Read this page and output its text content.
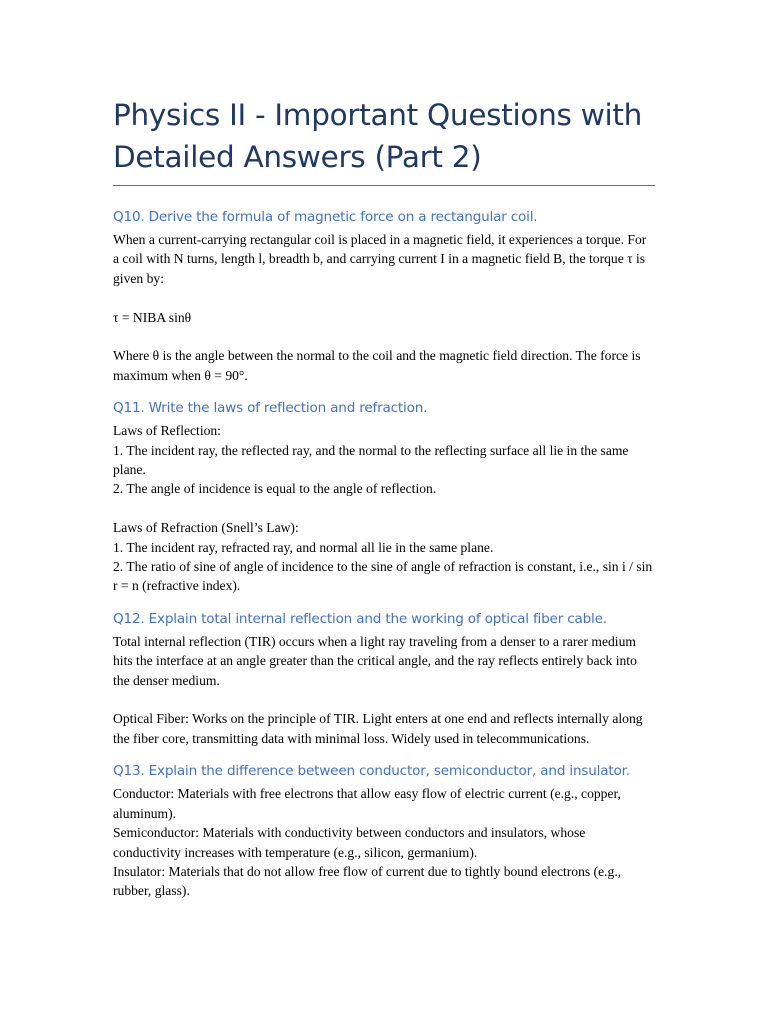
Physics II - Important Questions with Detailed Answers (Part 2)
Q10. Derive the formula of magnetic force on a rectangular coil.

When a current-carrying rectangular coil is placed in a magnetic field, it experiences a torque. For a coil with N turns, length l, breadth b, and carrying current I in a magnetic field B, the torque τ is given by:

τ = NIBA sinθ

Where θ is the angle between the normal to the coil and the magnetic field direction. The force is maximum when θ = 90°.

Q11. Write the laws of reflection and refraction.

Laws of Reflection:

1. The incident ray, the reflected ray, and the normal to the reflecting surface all lie in the same plane.

2. The angle of incidence is equal to the angle of reflection.

Laws of Refraction (Snell’s Law):

1. The incident ray, refracted ray, and normal all lie in the same plane.

2. The ratio of sine of angle of incidence to the sine of angle of refraction is constant, i.e., sin i / sin r = n (refractive index).

Q12. Explain total internal reflection and the working of optical fiber cable.

Total internal reflection (TIR) occurs when a light ray traveling from a denser to a rarer medium hits the interface at an angle greater than the critical angle, and the ray reflects entirely back into the denser medium.

Optical Fiber: Works on the principle of TIR. Light enters at one end and reflects internally along the fiber core, transmitting data with minimal loss. Widely used in telecommunications.

Q13. Explain the difference between conductor, semiconductor, and insulator.

Conductor: Materials with free electrons that allow easy flow of electric current (e.g., copper, aluminum).

Semiconductor: Materials with conductivity between conductors and insulators, whose conductivity increases with temperature (e.g., silicon, germanium).

Insulator: Materials that do not allow free flow of current due to tightly bound electrons (e.g., rubber, glass).
